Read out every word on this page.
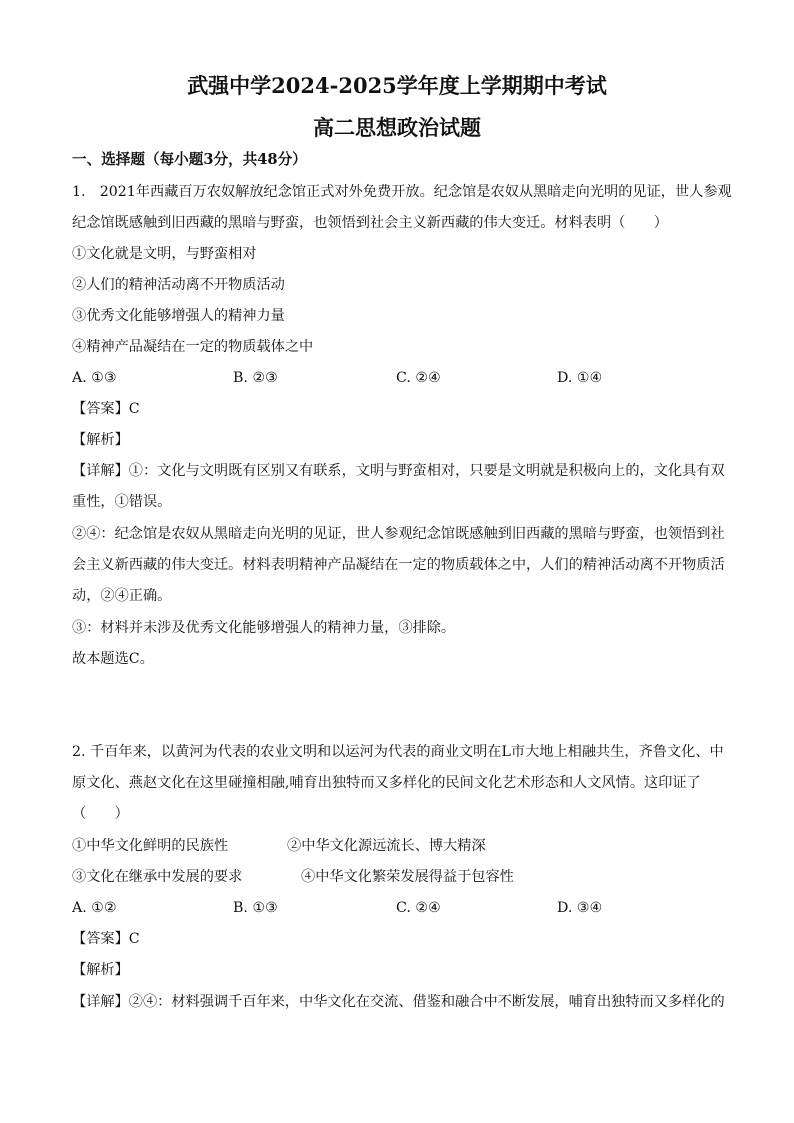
武强中学2024-2025学年度上学期期中考试
高二思想政治试题
一、选择题（每小题3分，共48分）
1.　2021年西藏百万农奴解放纪念馆正式对外免费开放。纪念馆是农奴从黑暗走向光明的见证，世人参观
纪念馆既感触到旧西藏的黑暗与野蛮，也领悟到社会主义新西藏的伟大变迁。材料表明（　　）
①文化就是文明，与野蛮相对
②人们的精神活动离不开物质活动
③优秀文化能够增强人的精神力量
④精神产品凝结在一定的物质载体之中
A. ①③	B. ②③	C. ②④	D. ①④
【答案】C
【解析】
【详解】①：文化与文明既有区别又有联系，文明与野蛮相对，只要是文明就是积极向上的，文化具有双
重性，①错误。
②④：纪念馆是农奴从黑暗走向光明的见证，世人参观纪念馆既感触到旧西藏的黑暗与野蛮，也领悟到社
会主义新西藏的伟大变迁。材料表明精神产品凝结在一定的物质载体之中，人们的精神活动离不开物质活
动，②④正确。
③：材料并未涉及优秀文化能够增强人的精神力量，③排除。
故本题选C。
2. 千百年来，以黄河为代表的农业文明和以运河为代表的商业文明在L市大地上相融共生，齐鲁文化、中
原文化、燕赵文化在这里碰撞相融,哺育出独特而又多样化的民间文化艺术形态和人文风情。这印证了
（　　）
①中华文化鲜明的民族性	②中华文化源远流长、博大精深
③文化在继承中发展的要求	④中华文化繁荣发展得益于包容性
A. ①②	B. ①③	C. ②④	D. ③④
【答案】C
【解析】
【详解】②④：材料强调千百年来，中华文化在交流、借鉴和融合中不断发展，哺育出独特而又多样化的
